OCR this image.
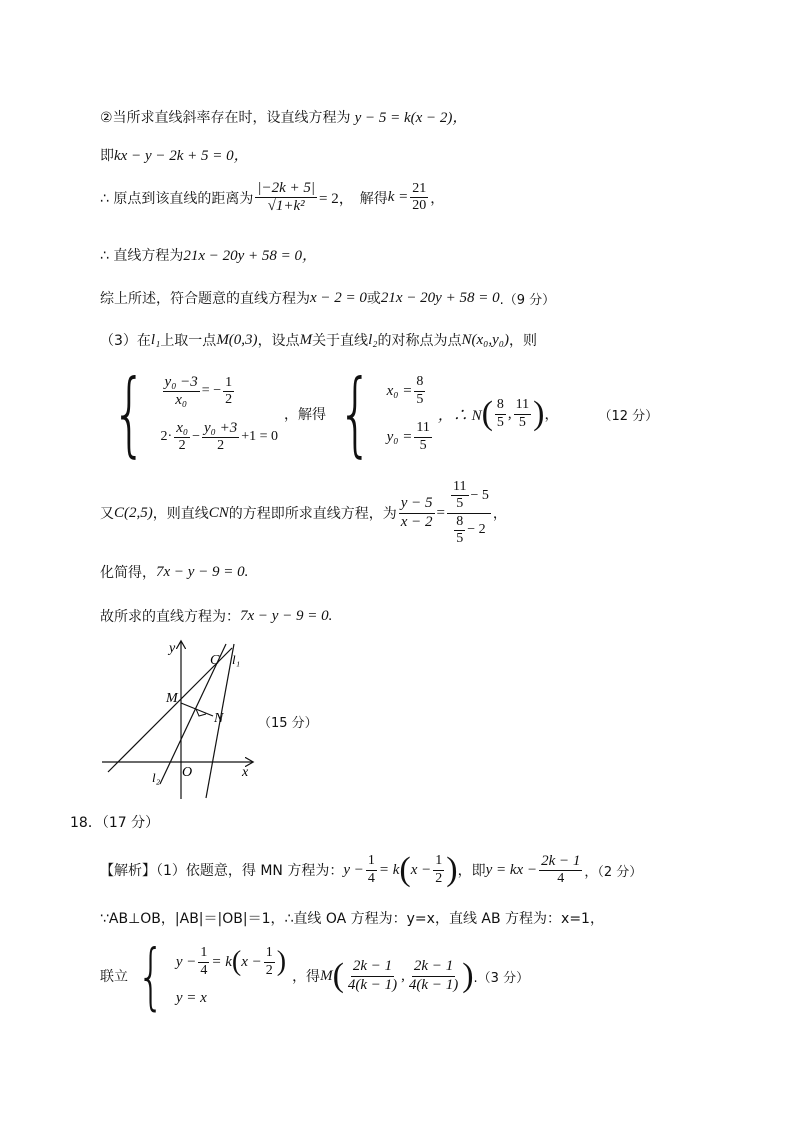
②当所求直线斜率存在时，设直线方程为 y − 5 = k(x − 2)，
即 kx − y − 2k + 5 = 0，
∴ 原点到该直线的距离为 $\frac{|-2k + 5|}{\text{√1+k²}} = 2$， 解得 $k = \frac{21}{20}$ ，
∴ 直线方程为 21x − 20y + 58 = 0，
综上所述，符合题意的直线方程为 x − 2 = 0 或 21x − 20y + 58 = 0 .（9 分）
（3）在 l₁ 上取一点 M(0,3) ，设点 M 关于直线 l₂ 的对称点为点 N(x₀,y₀) ，则
{ $\frac{\text{y₀ −3}}{\text{x₀}}$ = − $\frac{1}{2}$
$2\cdot \frac{\text{x₀}}{2} - \frac{\text{y₀ +3}}{2} +1 = 0$
，解得 { $x_0 = \frac{8}{5}$
$y_0 = \frac{11}{5}$
，∴ N ( $\frac{8}{5}$ , $\frac{11}{5}$ ) ，	（12 分）
又 C(2,5) ，则直线 CN 的方程即所求直线方程，为 $\frac{y - 5}{x - 2} = \frac{\frac{11}{5} - 5}{\frac{8}{5} - 2}$ ，
化简得， 7x − y − 9 = 0.
故所求的直线方程为： 7x − y − 9 = 0.
y
x
C l₁
M
N
O
l₂
（15 分）
18．（17 分）
【解析】（1）依题意，得 MN 方程为： $y - \frac{1}{4} = k$ ( $x - \frac{1}{2}$ ) ，即 y = kx − $\frac{2k - 1}{4}$ ，（2 分）
∵AB⊥OB，|AB|＝|OB|＝1，∴直线 OA 方程为：y=x，直线 AB 方程为：x=1，
联立 { $y - \frac{1}{4} = k$ ( $x - \frac{1}{2}$ )
y = x
，得 M ( $\frac{2k - 1}{4(k - 1)}$ , $\frac{2k - 1}{4(k - 1)}$ ) .（3 分）
